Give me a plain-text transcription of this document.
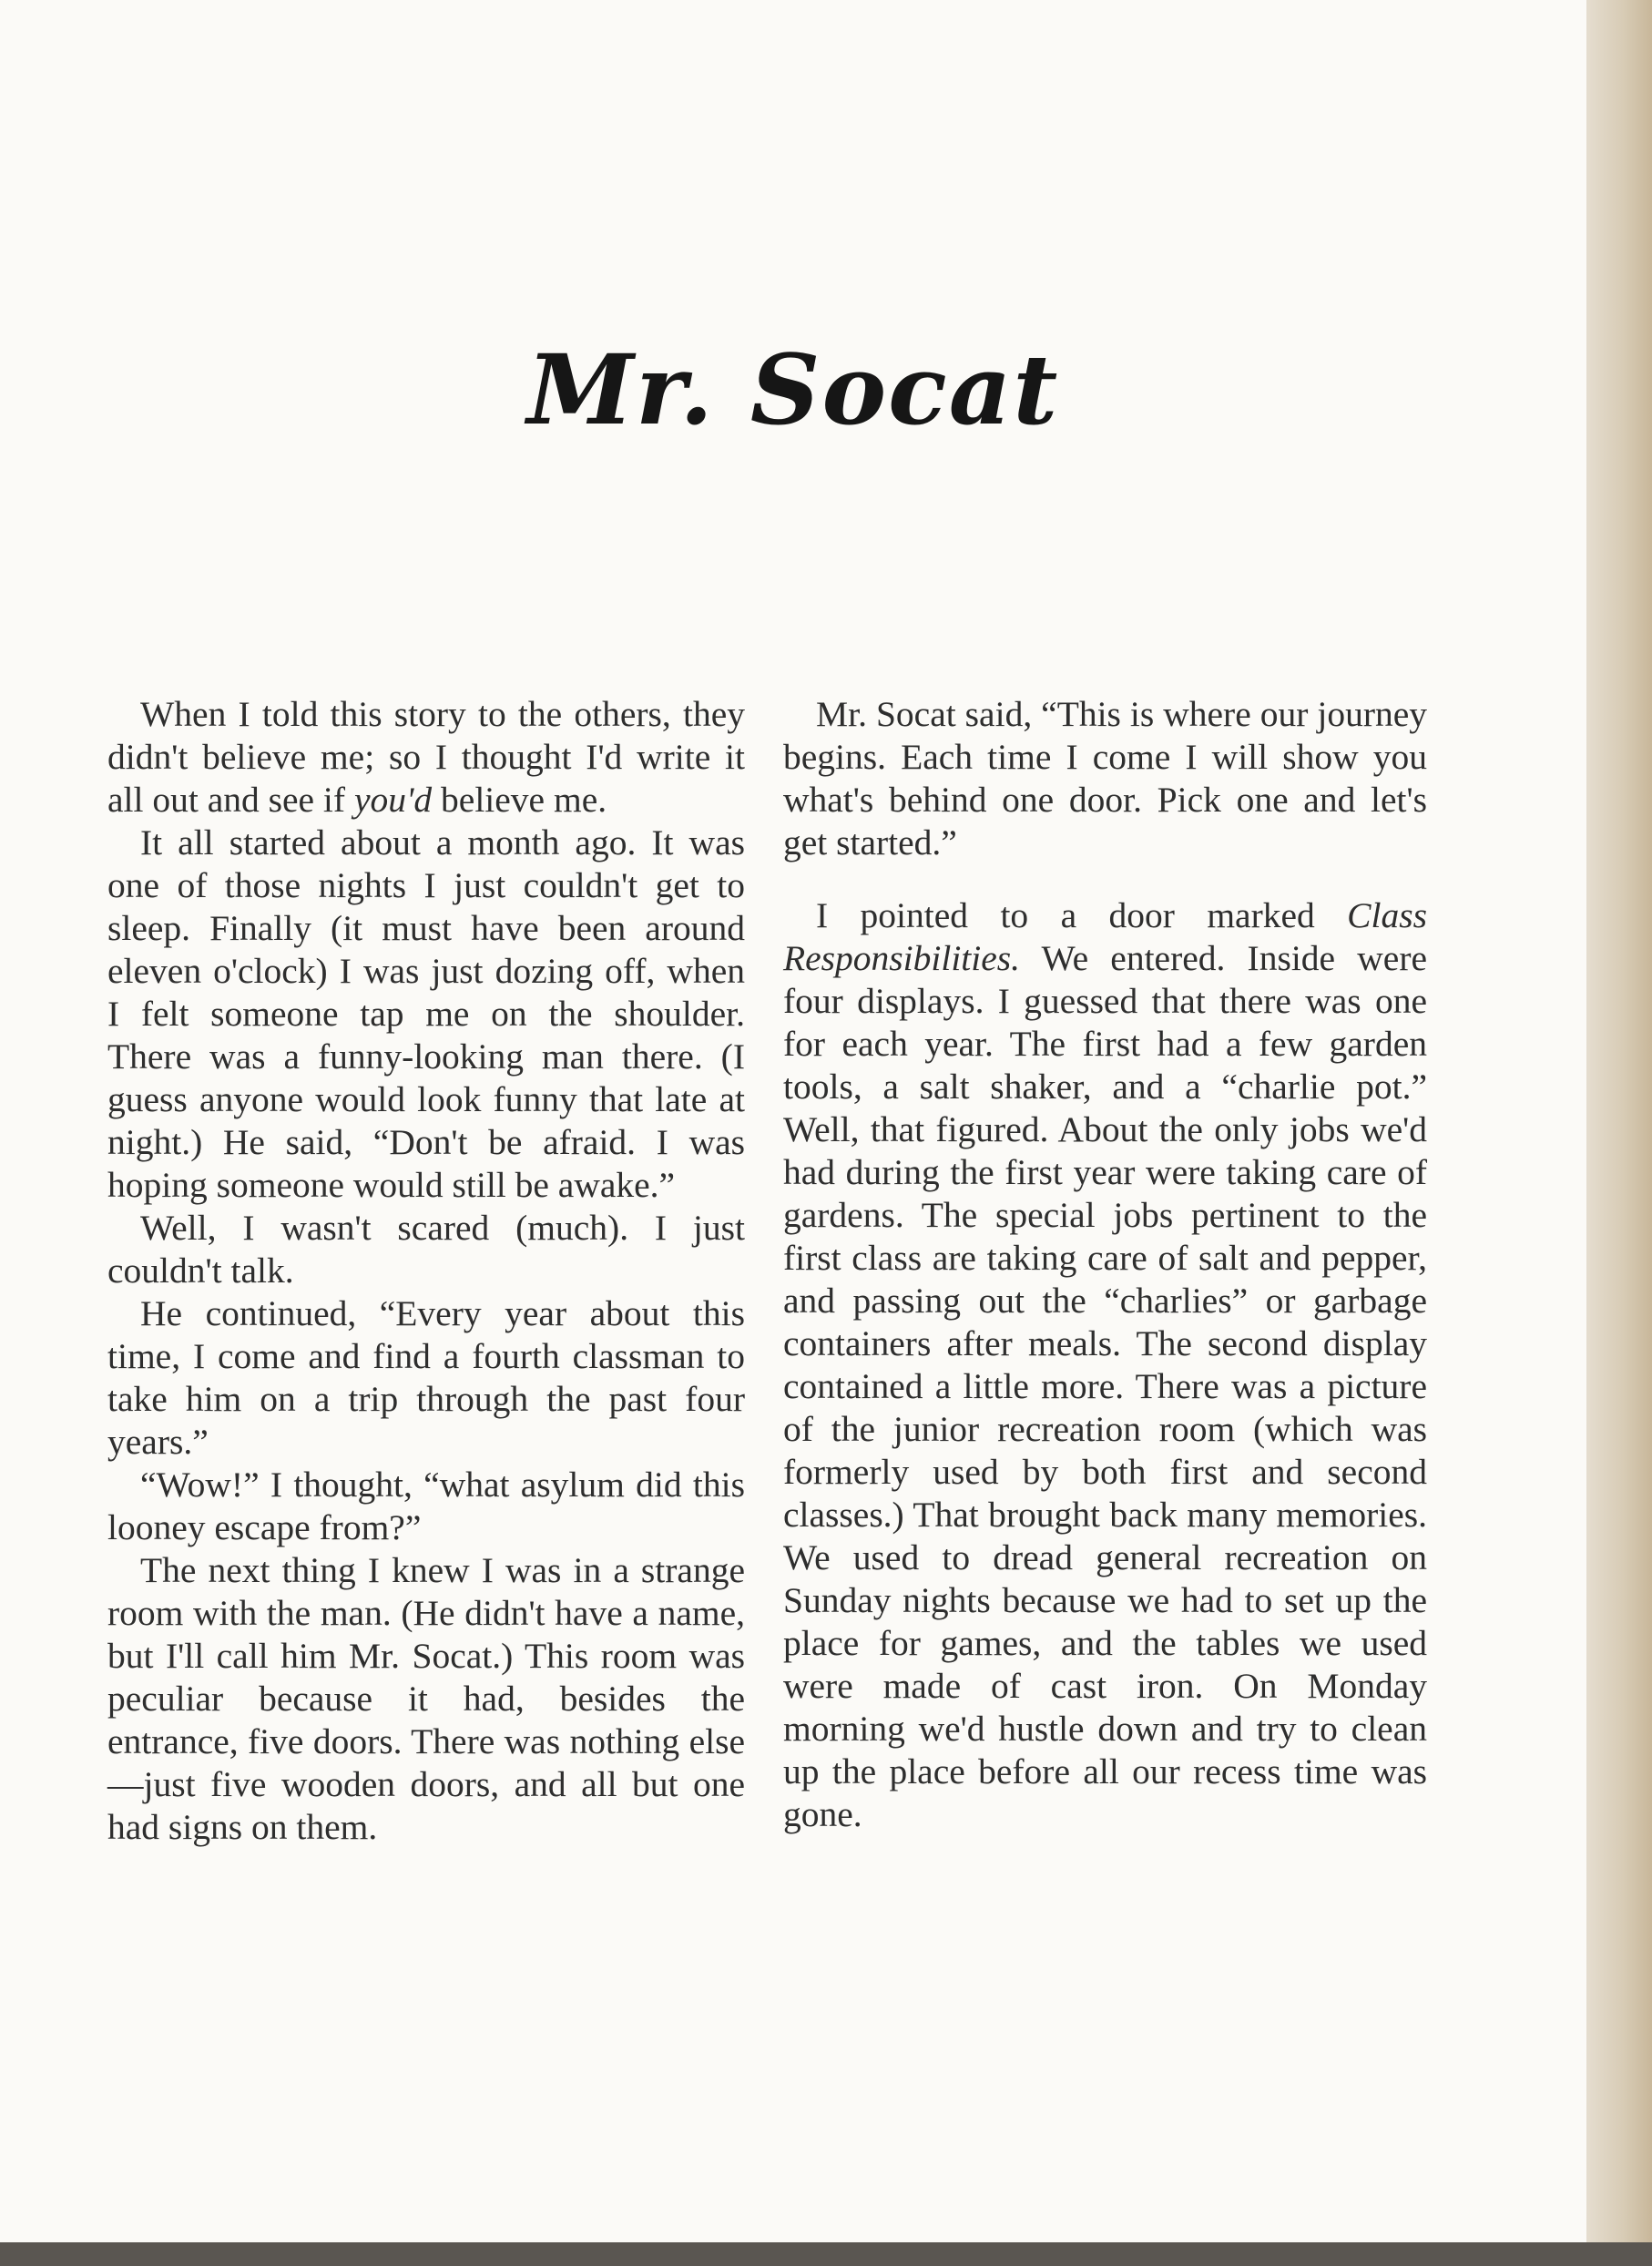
Mr. Socat

When I told this story to the others, they didn't believe me; so I thought I'd write it all out and see if you'd believe me.

It all started about a month ago. It was one of those nights I just couldn't get to sleep. Finally (it must have been around eleven o'clock) I was just dozing off, when I felt someone tap me on the shoulder. There was a funny-looking man there. (I guess anyone would look funny that late at night.) He said, “Don't be afraid. I was hoping someone would still be awake.”

Well, I wasn't scared (much). I just couldn't talk.

He continued, “Every year about this time, I come and find a fourth classman to take him on a trip through the past four years.”

“Wow!” I thought, “what asylum did this looney escape from?”

The next thing I knew I was in a strange room with the man. (He didn't have a name, but I'll call him Mr. Socat.) This room was peculiar because it had, besides the entrance, five doors. There was nothing else —just five wooden doors, and all but one had signs on them.

Mr. Socat said, “This is where our journey begins. Each time I come I will show you what's behind one door. Pick one and let's get started.”

I pointed to a door marked Class Responsibilities. We entered. Inside were four displays. I guessed that there was one for each year. The first had a few garden tools, a salt shaker, and a “charlie pot.” Well, that figured. About the only jobs we'd had during the first year were taking care of gardens. The special jobs pertinent to the first class are taking care of salt and pepper, and passing out the “charlies” or garbage containers after meals. The second display contained a little more. There was a picture of the junior recreation room (which was formerly used by both first and second classes.) That brought back many memories. We used to dread general recreation on Sunday nights because we had to set up the place for games, and the tables we used were made of cast iron. On Monday morning we'd hustle down and try to clean up the place before all our recess time was gone.
